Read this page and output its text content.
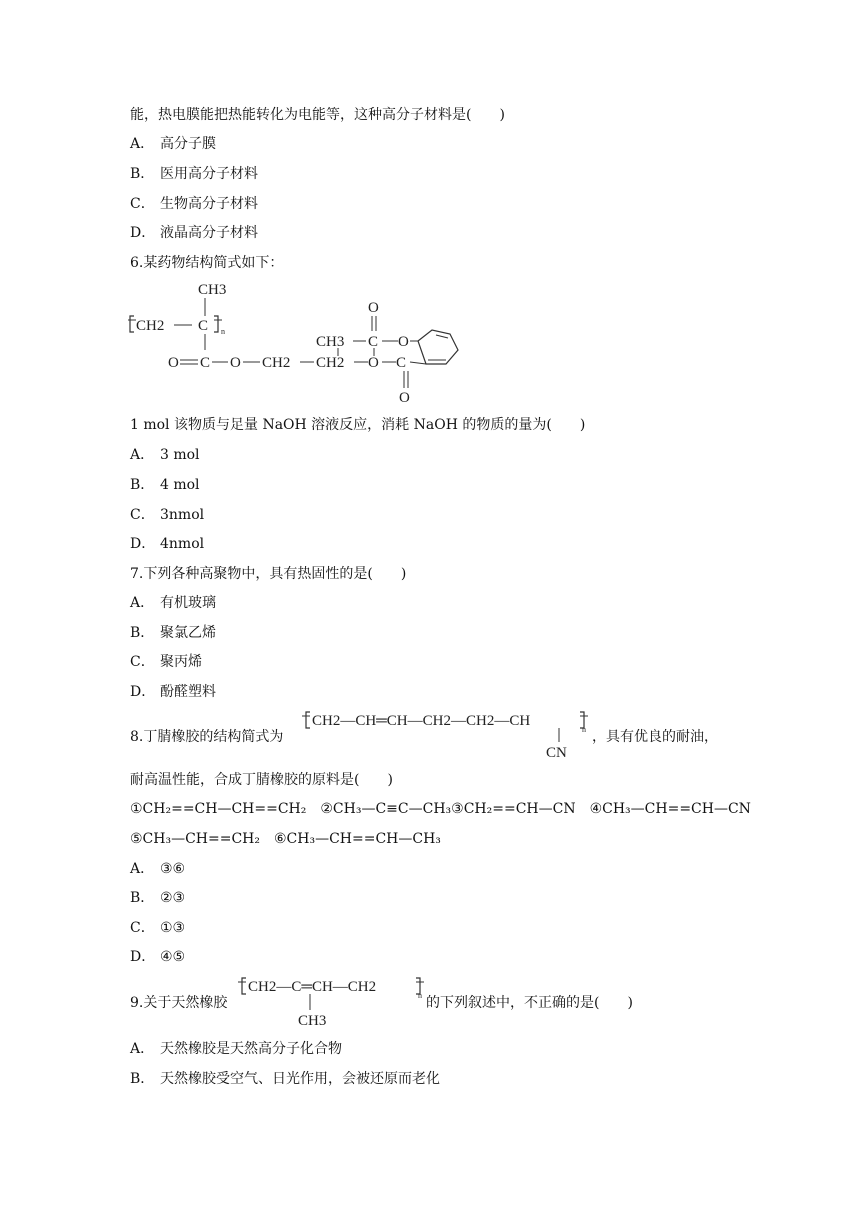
能，热电膜能把热能转化为电能等，这种高分子材料是(　　)
A． 高分子膜
B． 医用高分子材料
C． 生物高分子材料
D． 液晶高分子材料
6.某药物结构简式如下：
CH2 C n
CH3
O C O CH2 CH2 O C
CH3 C
O
O
O
1 mol 该物质与足量 NaOH 溶液反应，消耗 NaOH 的物质的量为(　　)
A． 3 mol
B． 4 mol
C． 3nmol
D． 4nmol
7.下列各种高聚物中，具有热固性的是(　　)
A． 有机玻璃
B． 聚氯乙烯
C． 聚丙烯
D． 酚醛塑料
8.丁腈橡胶的结构简式为
CH2—CH═CH—CH2—CH2—CH
n
CN
，具有优良的耐油，
耐高温性能，合成丁腈橡胶的原料是(　　)
①CH₂==CH—CH==CH₂　②CH₃—C≡C—CH₃③CH₂==CH—CN　④CH₃—CH==CH—CN
⑤CH₃—CH==CH₂　⑥CH₃—CH==CH—CH₃
A． ③⑥
B． ②③
C． ①③
D． ④⑤
9.关于天然橡胶
CH2—C═CH—CH2
n
CH3
的下列叙述中，不正确的是(　　)
A． 天然橡胶是天然高分子化合物
B． 天然橡胶受空气、日光作用，会被还原而老化
